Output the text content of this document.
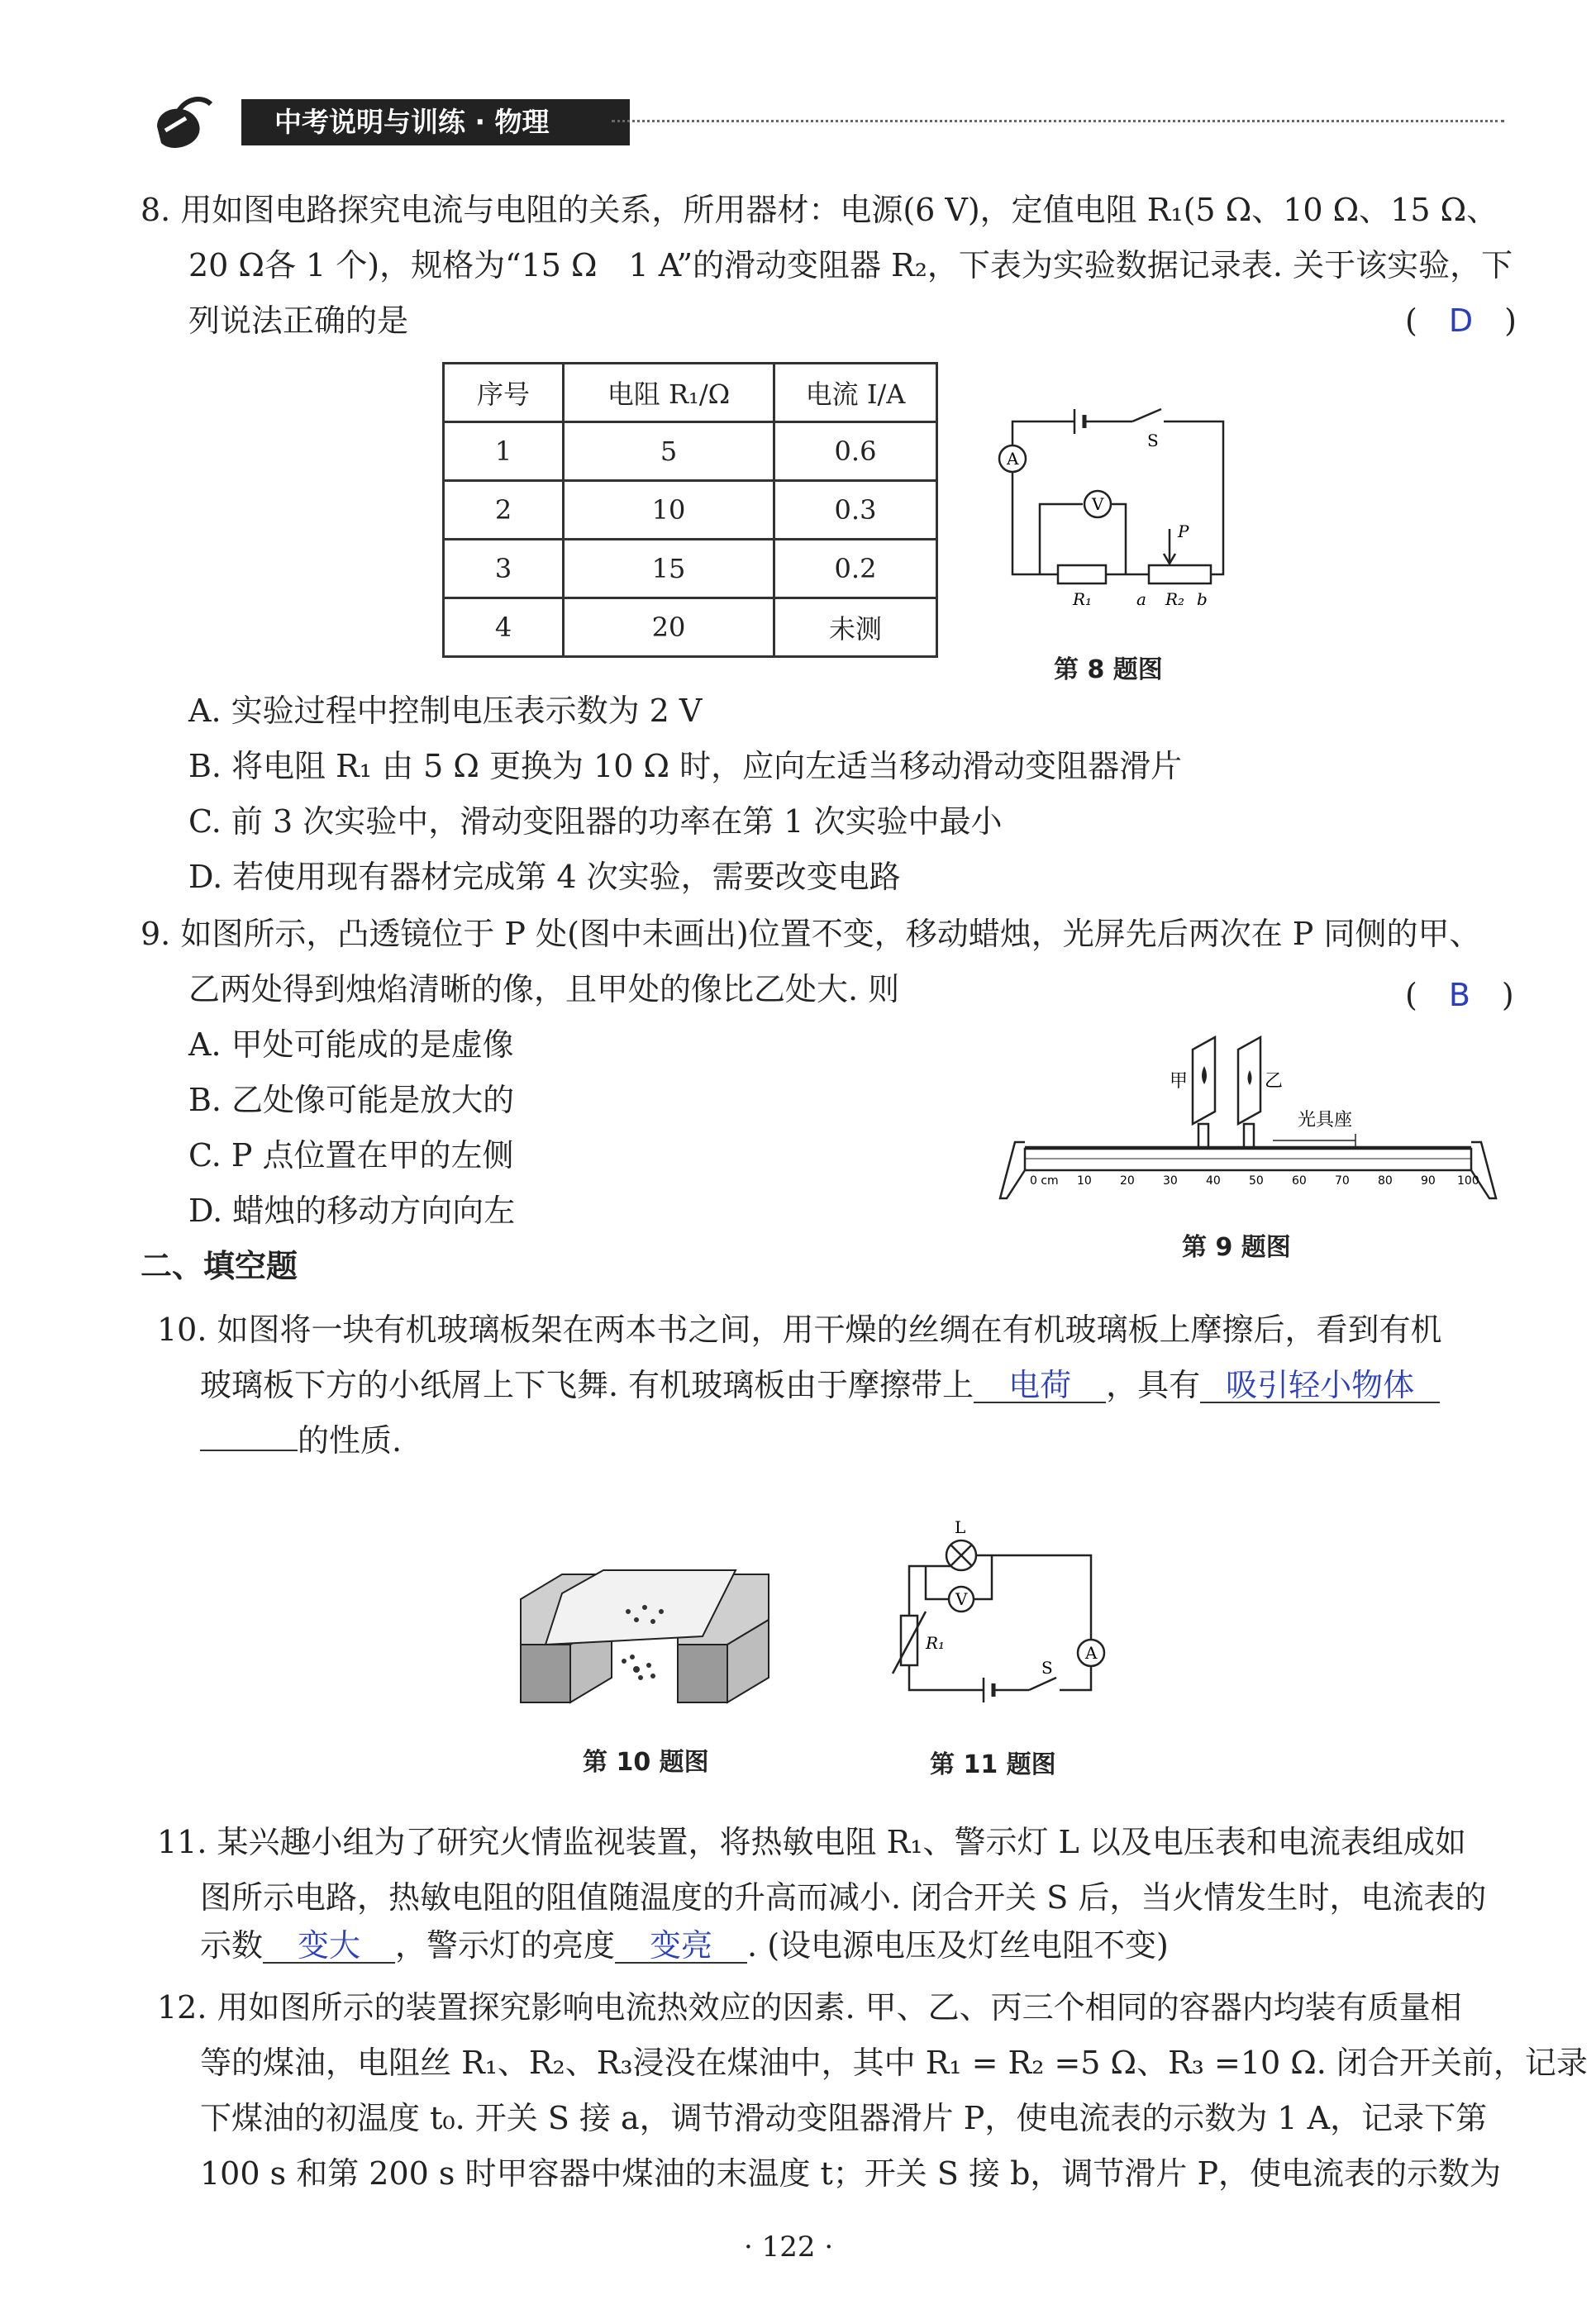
中考说明与训练 · 物理
8. 用如图电路探究电流与电阻的关系，所用器材：电源(6 V)，定值电阻 R₁(5 Ω、10 Ω、15 Ω、
20 Ω各 1 个)，规格为“15 Ω　1 A”的滑动变阻器 R₂，下表为实验数据记录表. 关于该实验，下
列说法正确的是	(　D　)
序号	电阻 R₁/Ω	电流 I/A
1	5	0.6
2	10	0.3
3	15	0.2
4	20	未测
A
V
S
P
R₁	a R₂ b
第 8 题图
A. 实验过程中控制电压表示数为 2 V
B. 将电阻 R₁ 由 5 Ω 更换为 10 Ω 时，应向左适当移动滑动变阻器滑片
C. 前 3 次实验中，滑动变阻器的功率在第 1 次实验中最小
D. 若使用现有器材完成第 4 次实验，需要改变电路
9. 如图所示，凸透镜位于 P 处(图中未画出)位置不变，移动蜡烛，光屏先后两次在 P 同侧的甲、
乙两处得到烛焰清晰的像，且甲处的像比乙处大. 则	(　B　)
A. 甲处可能成的是虚像
B. 乙处像可能是放大的
C. P 点位置在甲的左侧
D. 蜡烛的移动方向向左
甲	乙
光具座
0 cm 10 20 30 40 50 60 70 80 90 100
第 9 题图
二、填空题
10. 如图将一块有机玻璃板架在两本书之间，用干燥的丝绸在有机玻璃板上摩擦后，看到有机
玻璃板下方的小纸屑上下飞舞. 有机玻璃板由于摩擦带上 电荷 ，具有 吸引轻小物体
的性质.
第 10 题图
L
V
A
S
R₁
第 11 题图
11. 某兴趣小组为了研究火情监视装置，将热敏电阻 R₁、警示灯 L 以及电压表和电流表组成如
图所示电路，热敏电阻的阻值随温度的升高而减小. 闭合开关 S 后，当火情发生时，电流表的
示数 变大 ，警示灯的亮度 变亮 . (设电源电压及灯丝电阻不变)
12. 用如图所示的装置探究影响电流热效应的因素. 甲、乙、丙三个相同的容器内均装有质量相
等的煤油，电阻丝 R₁、R₂、R₃浸没在煤油中，其中 R₁ = R₂ =5 Ω、R₃ =10 Ω. 闭合开关前，记录
下煤油的初温度 t₀. 开关 S 接 a，调节滑动变阻器滑片 P，使电流表的示数为 1 A，记录下第
100 s 和第 200 s 时甲容器中煤油的末温度 t；开关 S 接 b，调节滑片 P，使电流表的示数为
· 122 ·
